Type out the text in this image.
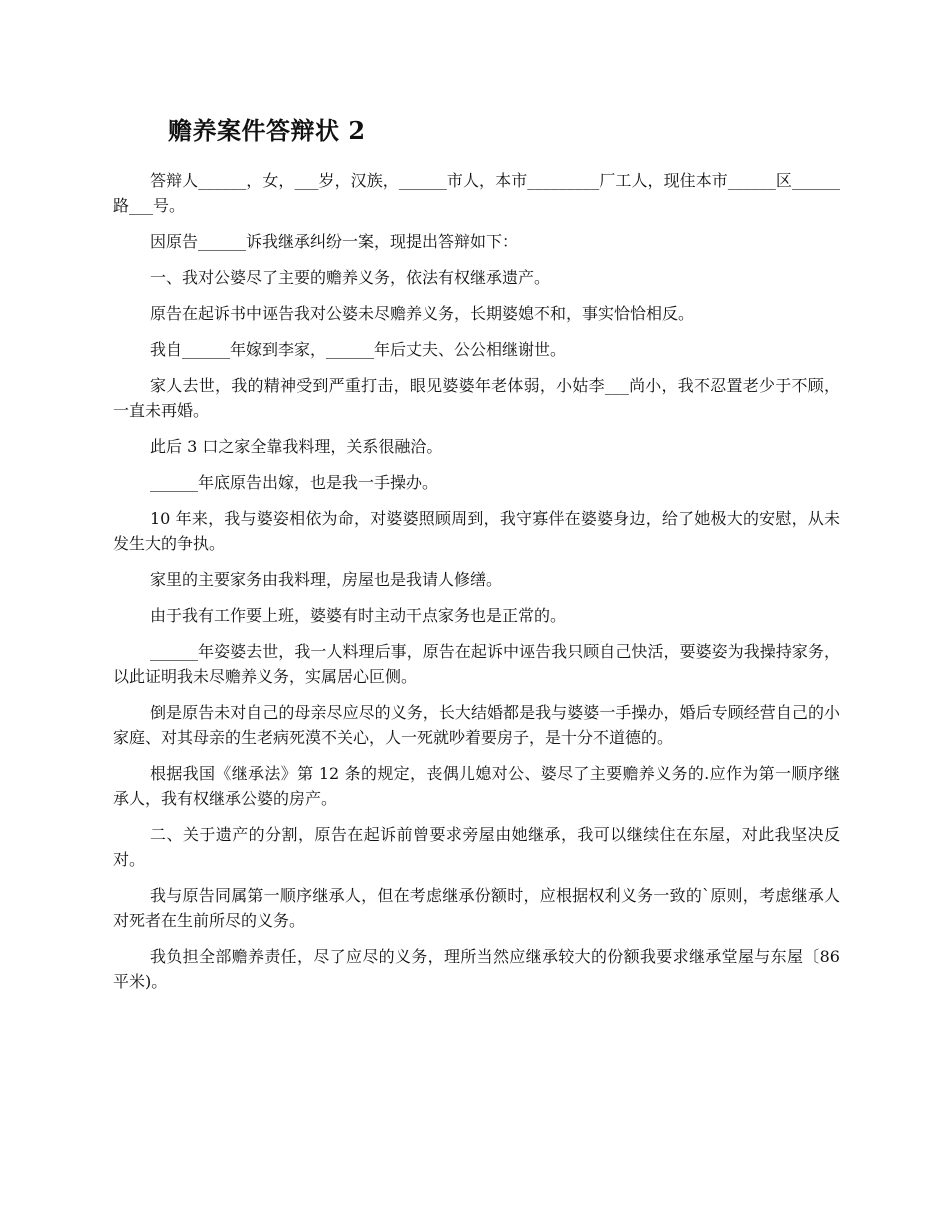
赡养案件答辩状 2

答辩人______，女，___岁，汉族，______市人，本市_________厂工人，现住本市______区______路___号。

因原告______诉我继承纠纷一案，现提出答辩如下：

一、我对公婆尽了主要的赡养义务，依法有权继承遗产。

原告在起诉书中诬告我对公婆未尽赡养义务，长期婆媳不和，事实恰恰相反。

我自______年嫁到李家，______年后丈夫、公公相继谢世。

家人去世，我的精神受到严重打击，眼见婆婆年老体弱，小姑李___尚小，我不忍置老少于不顾，一直未再婚。

此后 3 口之家全靠我料理，关系很融洽。

______年底原告出嫁，也是我一手操办。

10 年来，我与婆姿相依为命，对婆婆照顾周到，我守寡伴在婆婆身边，给了她极大的安慰，从未发生大的争执。

家里的主要家务由我料理，房屋也是我请人修缮。

由于我有工作要上班，婆婆有时主动干点家务也是正常的。

______年姿婆去世，我一人料理后事，原告在起诉中诬告我只顾自己快活，要婆姿为我操持家务，以此证明我未尽赡养义务，实属居心叵侧。

倒是原告未对自己的母亲尽应尽的义务，长大结婚都是我与婆婆一手操办，婚后专顾经营自己的小家庭、对其母亲的生老病死漠不关心，人一死就吵着要房子，是十分不道德的。

根据我国《继承法》第 12 条的规定，丧偶儿媳对公、婆尽了主要赡养义务的.应作为第一顺序继承人，我有权继承公婆的房产。

二、关于遗产的分割，原告在起诉前曾要求旁屋由她继承，我可以继续住在东屋，对此我坚决反对。

我与原告同属第一顺序继承人，但在考虑继承份额时，应根据权利义务一致的`原则，考虑继承人对死者在生前所尽的义务。

我负担全部赡养责任，尽了应尽的义务，理所当然应继承较大的份额我要求继承堂屋与东屋〔86 平米)。
